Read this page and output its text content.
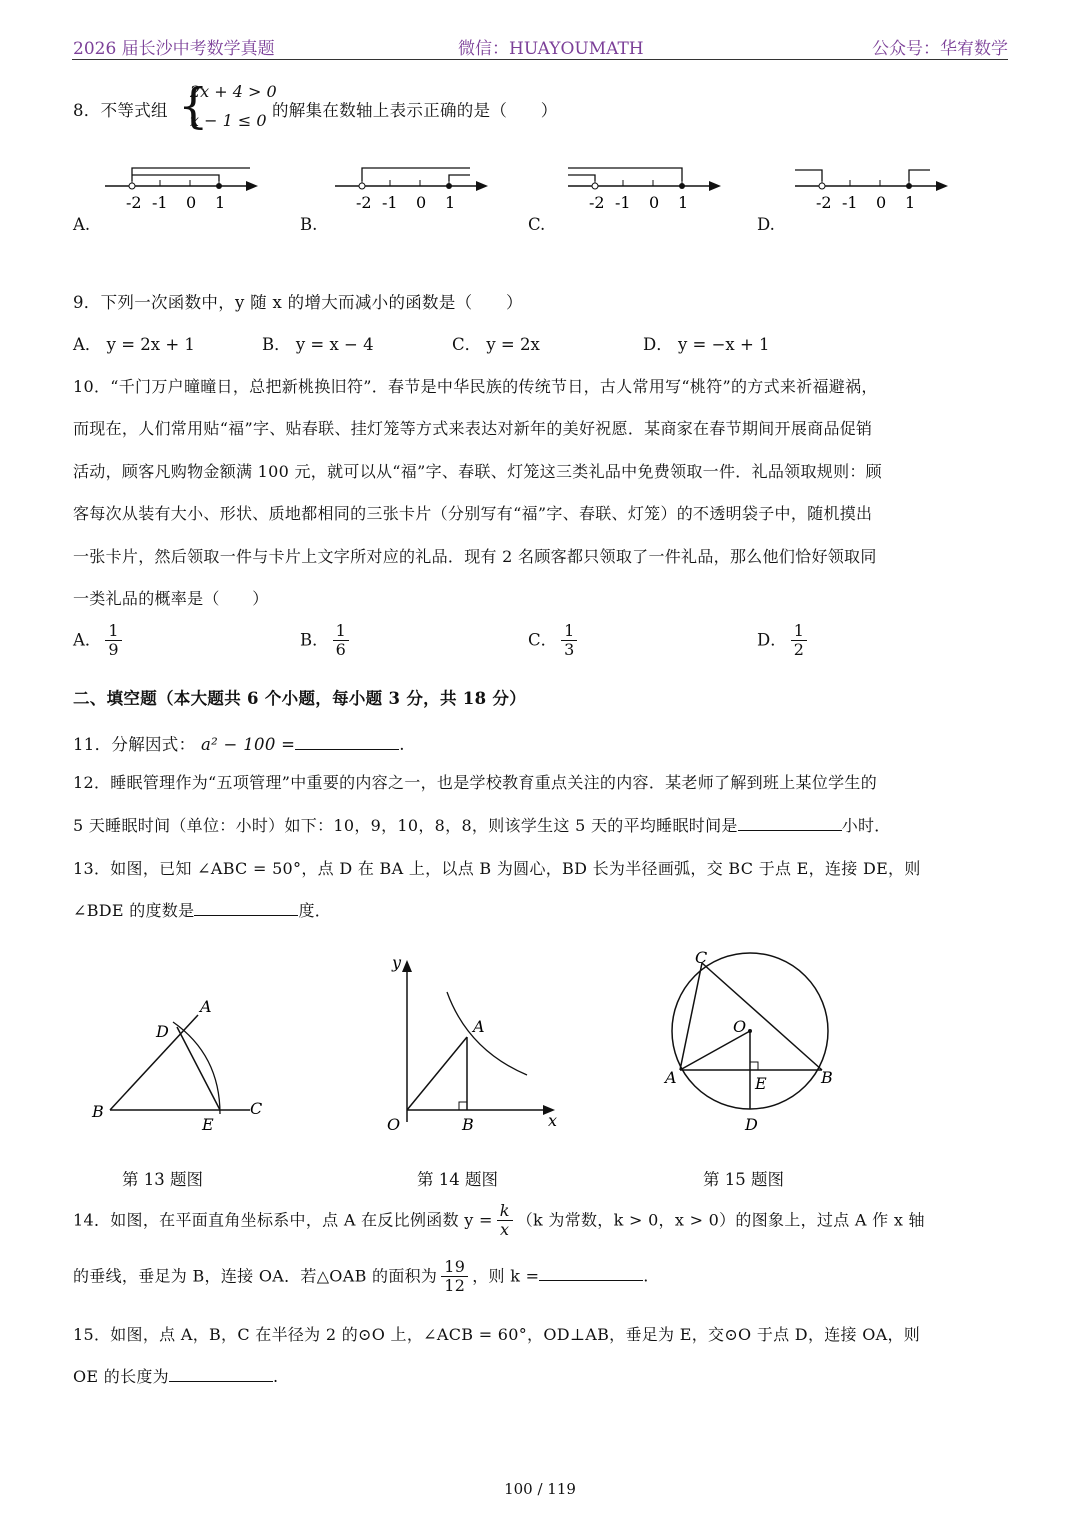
2026 届长沙中考数学真题	微信：HUAYOUMATH	公众号：华宥数学
8．不等式组 {
2x + 4 > 0
x − 1 ≤ 0
的解集在数轴上表示正确的是（　　）
-2 -1 0 1	-2 -1 0 1	-2 -1 0 1	-2 -1 0 1
A.	B.	C.	D.
9．下列一次函数中，y 随 x 的增大而减小的函数是（　　）
A． y = 2x + 1	B． y = x − 4	C． y = 2x	D． y = −x + 1
10．“千门万户曈曈日，总把新桃换旧符”．春节是中华民族的传统节日，古人常用写“桃符”的方式来祈福避祸，
而现在，人们常用贴“福”字、贴春联、挂灯笼等方式来表达对新年的美好祝愿．某商家在春节期间开展商品促销
活动，顾客凡购物金额满 100 元，就可以从“福”字、春联、灯笼这三类礼品中免费领取一件．礼品领取规则：顾
客每次从装有大小、形状、质地都相同的三张卡片（分别写有“福”字、春联、灯笼）的不透明袋子中，随机摸出
一张卡片，然后领取一件与卡片上文字所对应的礼品．现有 2 名顾客都只领取了一件礼品，那么他们恰好领取同
一类礼品的概率是（　　）
A． $\frac{1}{9}$	B． $\frac{1}{6}$	C． $\frac{1}{3}$	D． $\frac{1}{2}$
二、填空题（本大题共 6 个小题，每小题 3 分，共 18 分）
11．分解因式： a² − 100 =	.
12．睡眠管理作为“五项管理”中重要的内容之一，也是学校教育重点关注的内容．某老师了解到班上某位学生的
5 天睡眠时间（单位：小时）如下：10，9，10，8，8，则该学生这 5 天的平均睡眠时间是	小时．
13．如图，已知 ∠ABC = 50°，点 D 在 BA 上，以点 B 为圆心，BD 长为半径画弧，交 BC 于点 E，连接 DE，则
∠BDE 的度数是	度．
A
D
B
E
C
y
A
O	B	x
C
O
A	E	B
D
第 13 题图	第 14 题图	第 15 题图
14．如图，在平面直角坐标系中，点 A 在反比例函数 $y = \frac{k}{x} (k$ 为常数，k > 0，x > 0）的图象上，过点 A 作 x 轴
的垂线，垂足为 B，连接 OA．若△OAB 的面积为 $\frac{19}{12}$ ，则 k =	.
15．如图，点 A，B，C 在半径为 2 的⊙O 上，∠ACB = 60°，OD⊥AB，垂足为 E，交⊙O 于点 D，连接 OA，则
OE 的长度为	.
100 / 119
